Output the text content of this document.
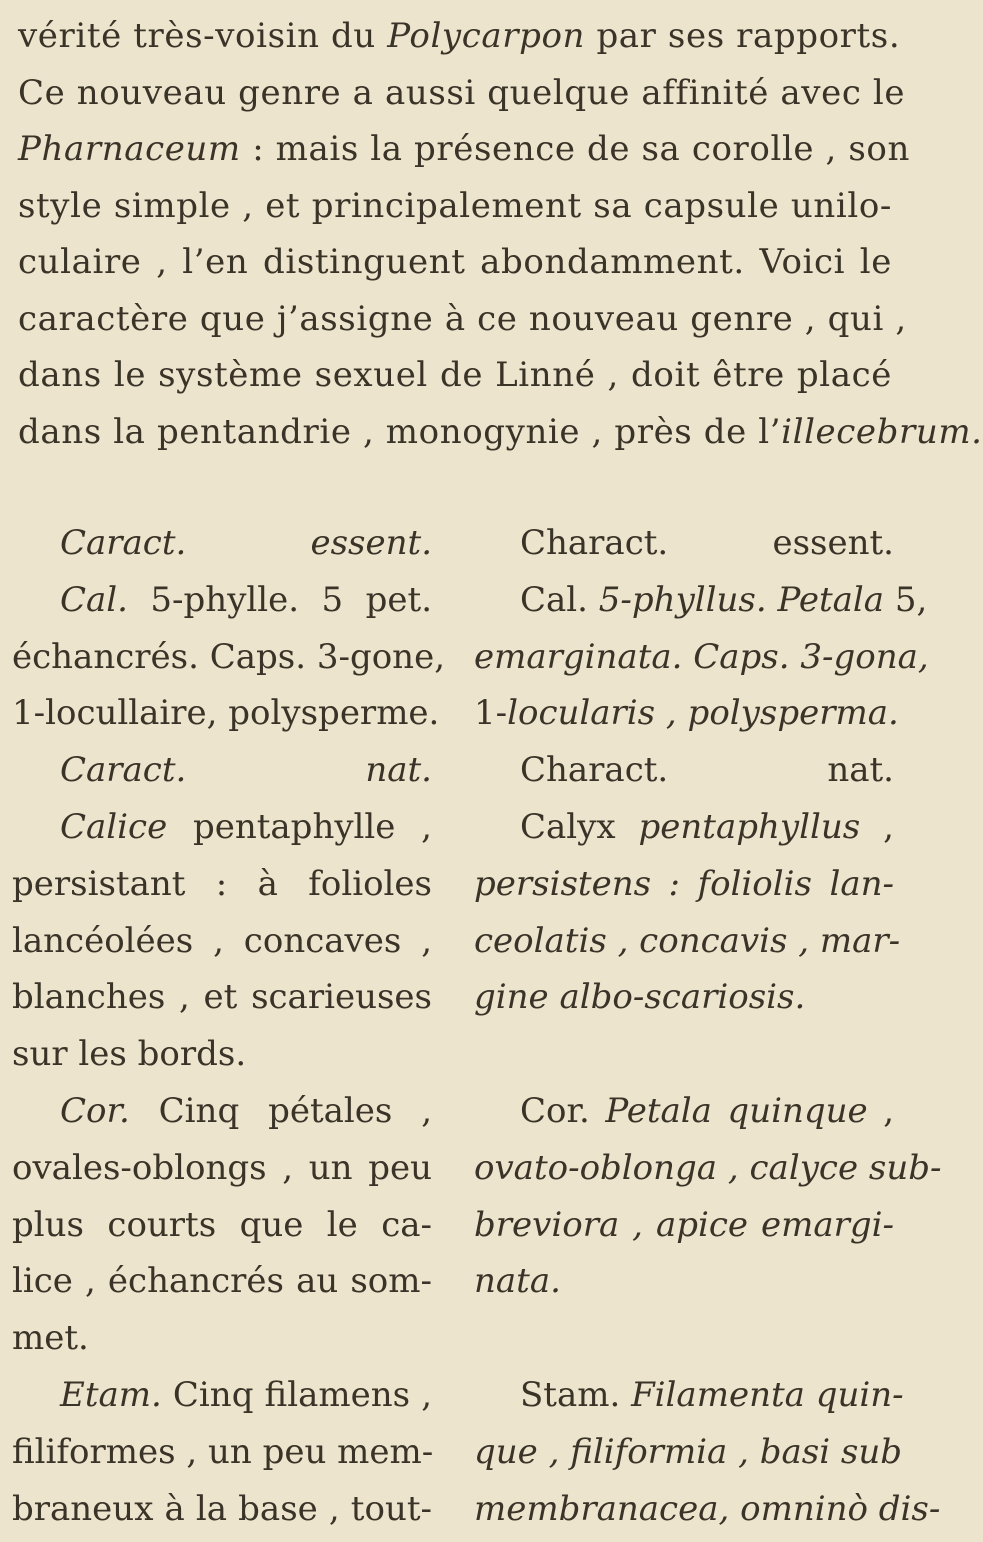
vérité très-voisin du Polycarpon par ses rapports.
Ce nouveau genre a aussi quelque affinité avec le
Pharnaceum : mais la présence de sa corolle , son
style simple , et principalement sa capsule unilo-
culaire , l’en distinguent abondamment. Voici le
caractère que j’assigne à ce nouveau genre , qui ,
dans le système sexuel de Linné , doit être placé
dans la pentandrie , monogynie , près de l’illecebrum.
Caract. essent.
Cal. 5-phylle. 5 pet.
échancrés. Caps. 3-gone,
1-locullaire, polysperme.
Caract. nat.
Calice pentaphylle ,
persistant : à folioles
lancéolées , concaves ,
blanches , et scarieuses
sur les bords.
Cor. Cinq pétales ,
ovales-oblongs , un peu
plus courts que le ca-
lice , échancrés au som-
met.
Etam. Cinq filamens ,
filiformes , un peu mem-
braneux à la base , tout-
Charact. essent.
Cal. 5-phyllus. Petala 5,
emarginata. Caps. 3-gona,
1-locularis , polysperma.
Charact. nat.
Calyx pentaphyllus ,
persistens : foliolis lan-
ceolatis , concavis , mar-
gine albo-scariosis.

Cor. Petala quinque ,
ovato-oblonga , calyce sub-
breviora , apice emargi-
nata.

Stam. Filamenta quin-
que , filiformia , basi sub
membranacea, omninò dis-
